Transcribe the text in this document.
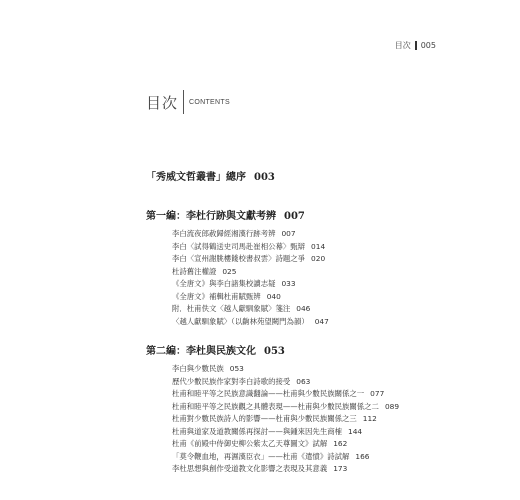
目次 005
目次 CONTENTS
「秀威文哲叢書」總序 003
第一編：李杜行跡與文獻考辨 007
李白流夜郎赦歸經湘漢行跡考辨 007
李白〈試得鶴送史司馬赴崔相公幕〉甄辯 014
李白〈宣州謝朓樓餞校書叔雲〉詩題之爭 020
杜詩舊注權證 025
《全唐文》與李白諸集校讀志疑 033
《全唐文》補輯杜甫賦甄辨 040
附．杜甫佚文〈越人獻馴象賦〉箋注 046
〈越人獻馴象賦〉（以齣林苑望闕門為韻） 047
第二編：李杜與民族文化 053
李白與少數民族 053
歷代少數民族作家對李白詩歌的接受 063
杜甫和睦平等之民族意識翻論——杜甫與少數民族關係之一 077
杜甫和睦平等之民族觀之具體表現——杜甫與少數民族關係之二 089
杜甫對少數民族詩人的影響——杜甫與少數民族關係之三 112
杜甫與道家及道教關係再探討——與鍾來因先生商榷 144
杜甫《前殿中侍御史柳公紫太乙天尊圖文》試解 162
「莫令鞭血地，再濕漢臣衣」——杜甫《遣憤》詩試解 166
李杜思想與創作受道教文化影響之表現及其意義 173
